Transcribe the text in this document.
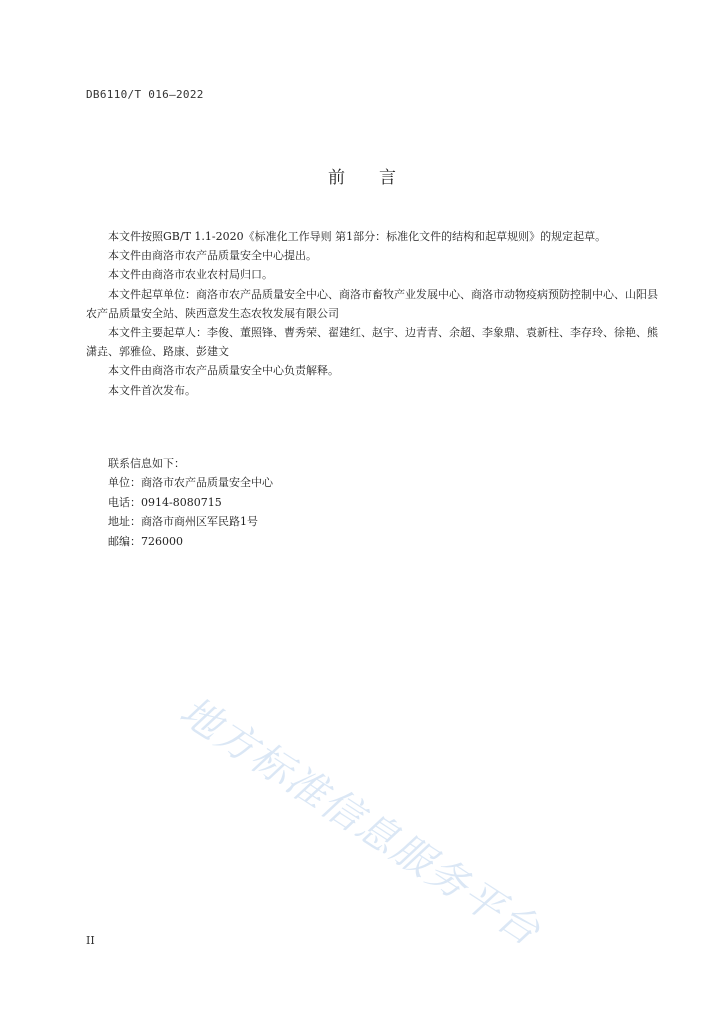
DB6110/T 016—2022
前 言

本文件按照GB/T 1.1-2020《标准化工作导则 第1部分：标准化文件的结构和起草规则》的规定起草。

本文件由商洛市农产品质量安全中心提出。

本文件由商洛市农业农村局归口。

本文件起草单位：商洛市农产品质量安全中心、商洛市畜牧产业发展中心、商洛市动物疫病预防控制中心、山阳县农产品质量安全站、陕西意发生态农牧发展有限公司

本文件主要起草人：李俊、董照锋、曹秀荣、翟建红、赵宇、边青青、余超、李象鼎、袁新柱、李存玲、徐艳、熊潇垚、郭雅俭、路康、彭建文

本文件由商洛市农产品质量安全中心负责解释。

本文件首次发布。

联系信息如下：
单位：商洛市农产品质量安全中心
电话：0914-8080715
地址：商洛市商州区军民路1号
邮编：726000
地方标准信息服务平台
II
